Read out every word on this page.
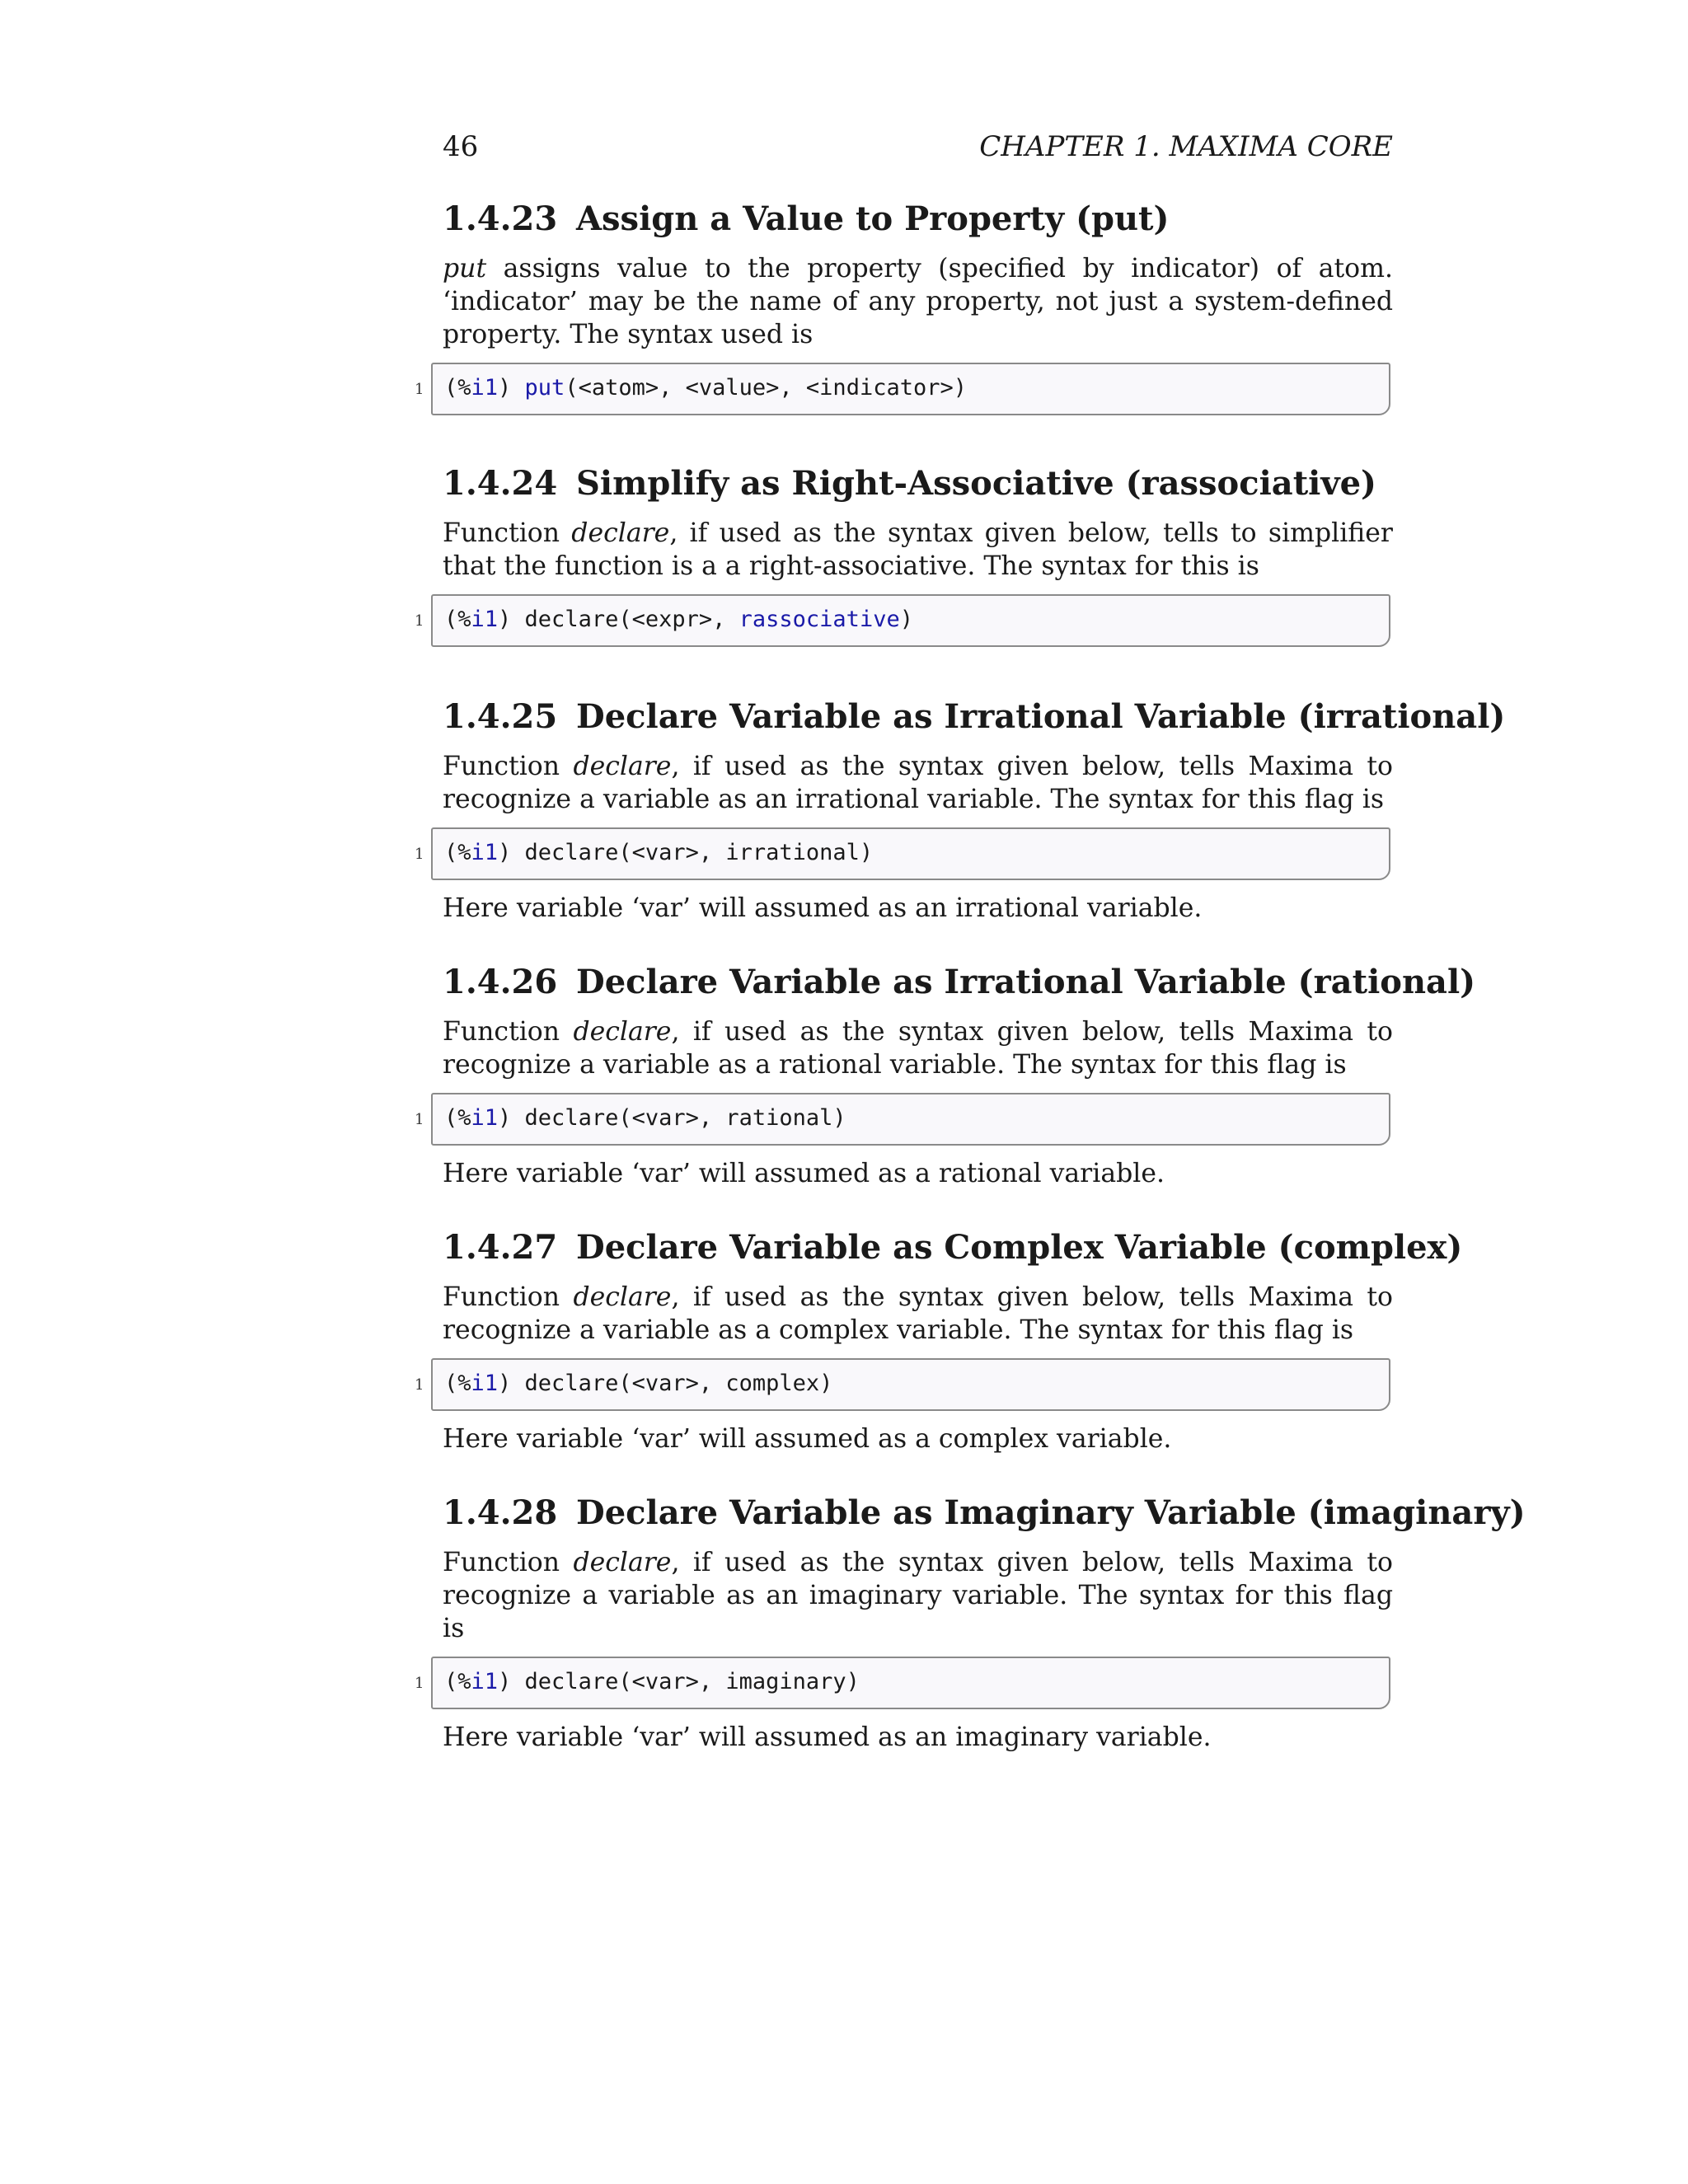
46	CHAPTER 1. MAXIMA CORE
1.4.23 Assign a Value to Property (put)

put assigns value to the property (specified by indicator) of atom. ‘indicator’ may be the name of any property, not just a system-defined property. The syntax used is

1 (%i1) put(<atom>, <value>, <indicator>)
1.4.24 Simplify as Right-Associative (rassociative)

Function declare, if used as the syntax given below, tells to simplifier that the function is a a right-associative. The syntax for this is

1 (%i1) declare(<expr>, rassociative)
1.4.25 Declare Variable as Irrational Variable (irrational)

Function declare, if used as the syntax given below, tells Maxima to recognize a variable as an irrational variable. The syntax for this flag is

1 (%i1) declare(<var>, irrational)

Here variable ‘var’ will assumed as an irrational variable.

1.4.26 Declare Variable as Irrational Variable (rational)

Function declare, if used as the syntax given below, tells Maxima to recognize a variable as a rational variable. The syntax for this flag is

1 (%i1) declare(<var>, rational)

Here variable ‘var’ will assumed as a rational variable.

1.4.27 Declare Variable as Complex Variable (complex)

Function declare, if used as the syntax given below, tells Maxima to recognize a variable as a complex variable. The syntax for this flag is

1 (%i1) declare(<var>, complex)

Here variable ‘var’ will assumed as a complex variable.

1.4.28 Declare Variable as Imaginary Variable (imaginary)

Function declare, if used as the syntax given below, tells Maxima to recognize a variable as an imaginary variable. The syntax for this flag is

1 (%i1) declare(<var>, imaginary)

Here variable ‘var’ will assumed as an imaginary variable.
